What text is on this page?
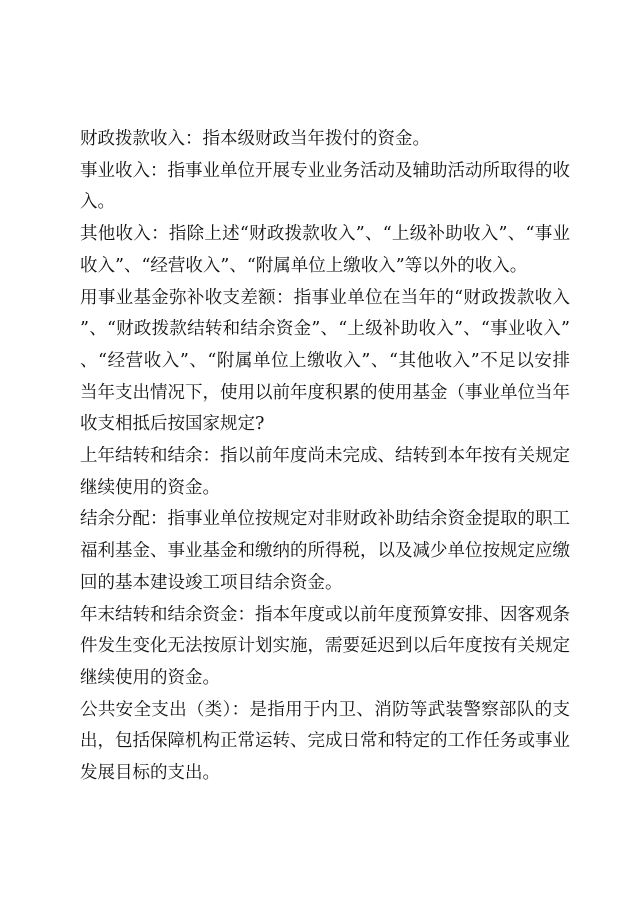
财政拨款收入：指本级财政当年拨付的资金。

事业收入：指事业单位开展专业业务活动及辅助活动所取得的收入。

其他收入：指除上述“财政拨款收入”、“上级补助收入”、“事业收入”、“经营收入”、“附属单位上缴收入”等以外的收入。

用事业基金弥补收支差额：指事业单位在当年的“财政拨款收入”、“财政拨款结转和结余资金”、“上级补助收入”、“事业收入”、“经营收入”、“附属单位上缴收入”、“其他收入”不足以安排当年支出情况下，使用以前年度积累的使用基金（事业单位当年收支相抵后按国家规定?

上年结转和结余：指以前年度尚未完成、结转到本年按有关规定继续使用的资金。

结余分配：指事业单位按规定对非财政补助结余资金提取的职工福利基金、事业基金和缴纳的所得税，以及减少单位按规定应缴回的基本建设竣工项目结余资金。

年末结转和结余资金：指本年度或以前年度预算安排、因客观条件发生变化无法按原计划实施，需要延迟到以后年度按有关规定继续使用的资金。

公共安全支出（类）：是指用于内卫、消防等武装警察部队的支出，包括保障机构正常运转、完成日常和特定的工作任务或事业发展目标的支出。
